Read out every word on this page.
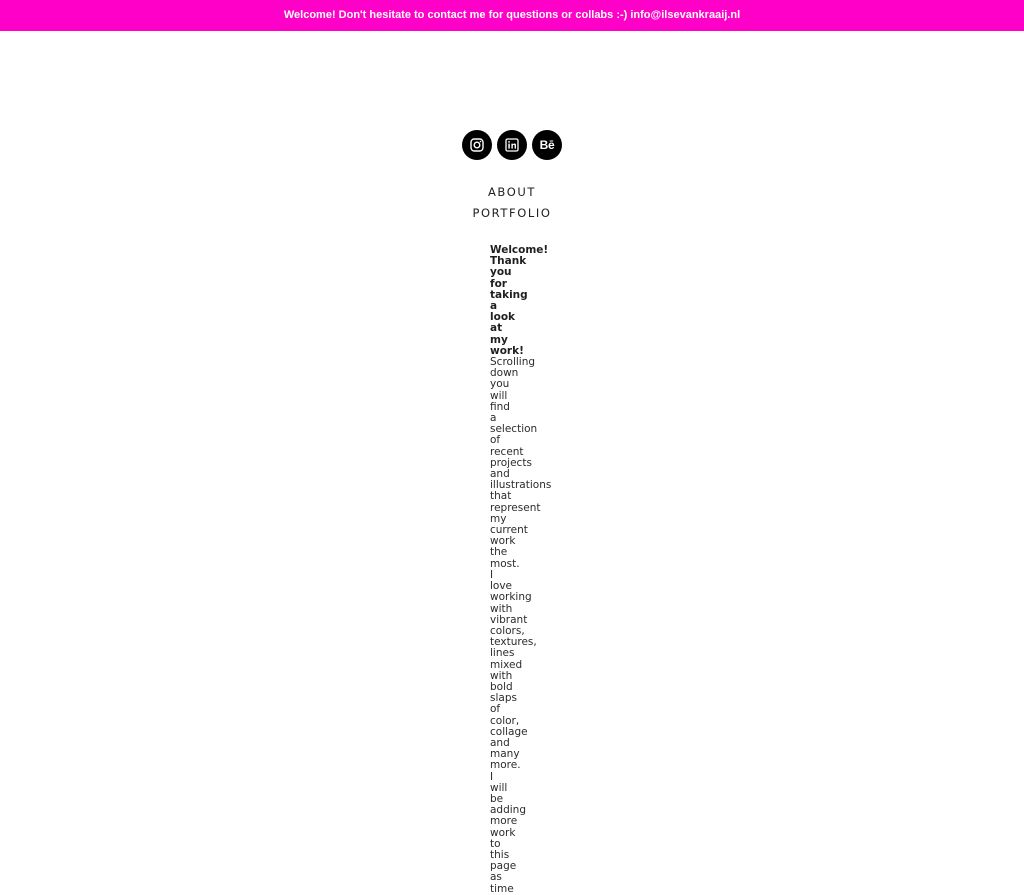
Welcome! Don't hesitate to contact me for questions or collabs :-) info@ilsevankraaij.nl
Bē
ABOUT
PORTFOLIO
Welcome! Thank you for taking a look at my work! Scrolling down you will find a selection of recent projects and illustrations that represent my current work the most. I love working with vibrant colors, textures, lines mixed with bold slaps of color, collage and many more. I will be adding more work to this page as time
